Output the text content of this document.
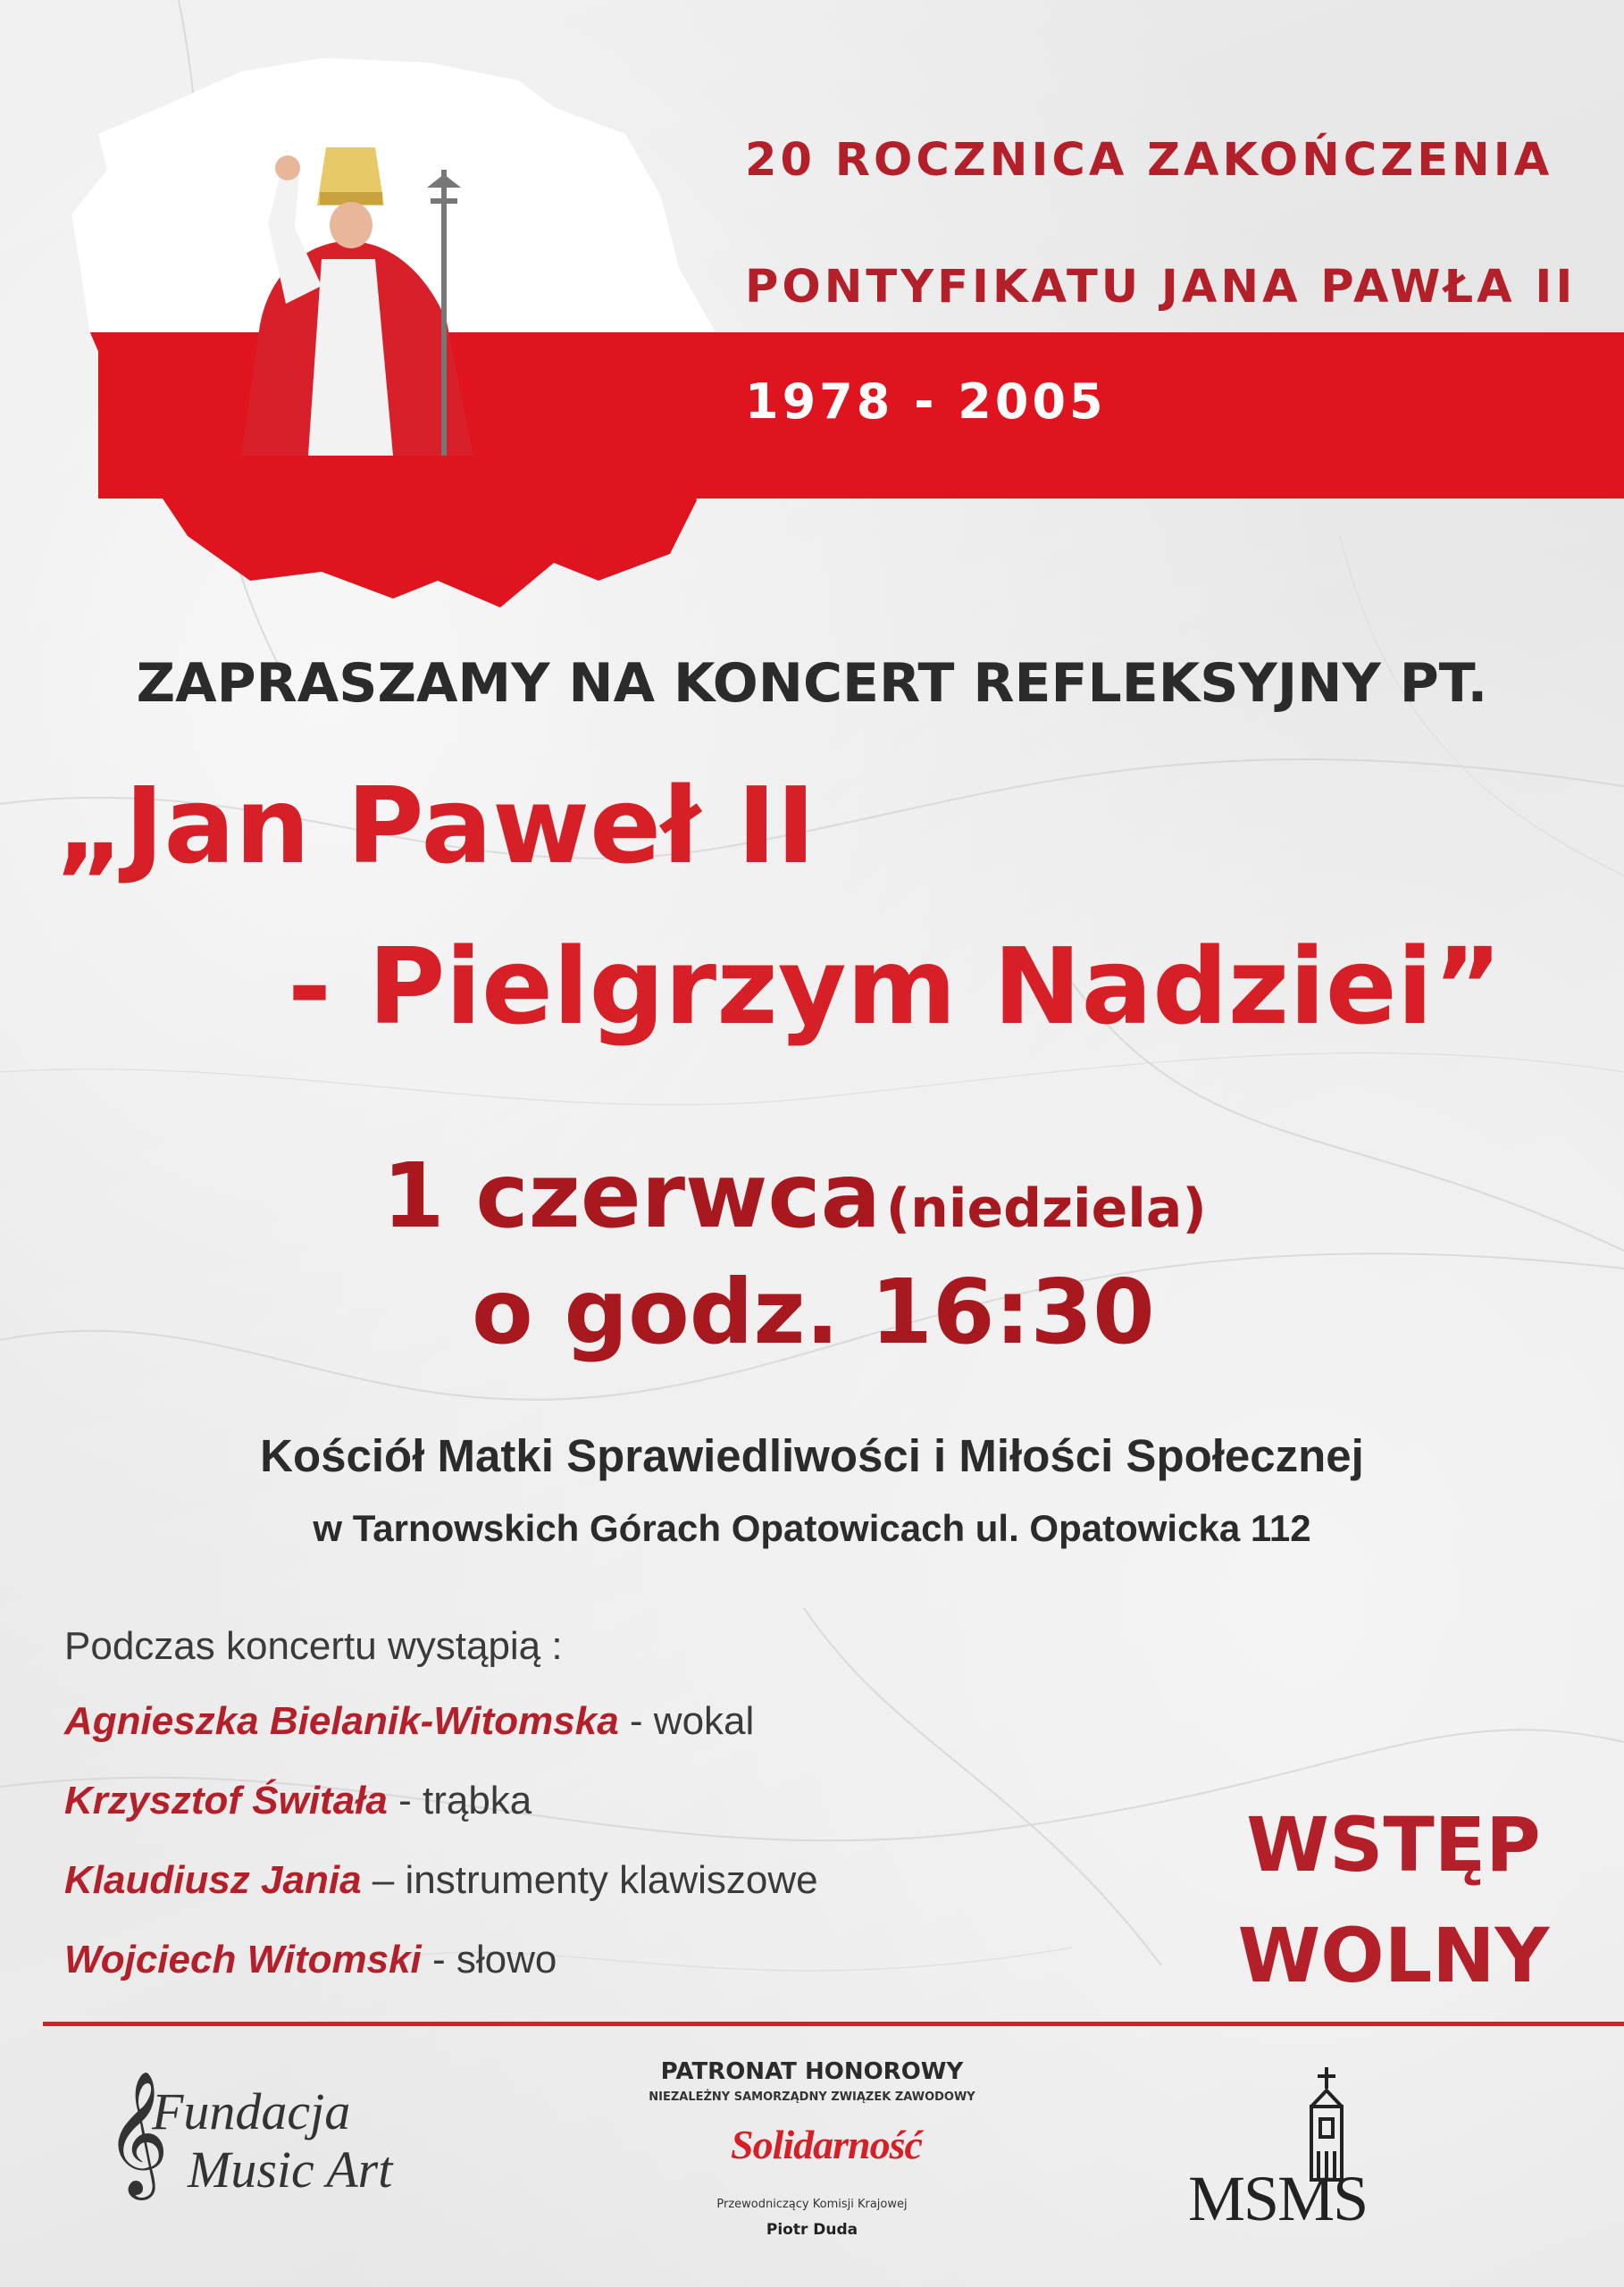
20 ROCZNICA ZAKOŃCZENIA
PONTYFIKATU JANA PAWŁA II
1978 - 2005
ZAPRASZAMY NA KONCERT REFLEKSYJNY PT.
„Jan Paweł II
- Pielgrzym Nadziei”
1 czerwca (niedziela)
o godz. 16:30
Kościół Matki Sprawiedliwości i Miłości Społecznej
w Tarnowskich Górach Opatowicach ul. Opatowicka 112
Podczas koncertu wystąpią :
Agnieszka Bielanik-Witomska - wokal
Krzysztof Świtała - trąbka
Klaudiusz Jania – instrumenty klawiszowe
Wojciech Witomski - słowo
WSTĘP
WOLNY
𝄞
Fundacja
Music Art
PATRONAT HONOROWY
NIEZALEŻNY SAMORZĄDNY ZWIĄZEK ZAWODOWY
Solidarność
Przewodniczący Komisji Krajowej
Piotr Duda	MSMS
